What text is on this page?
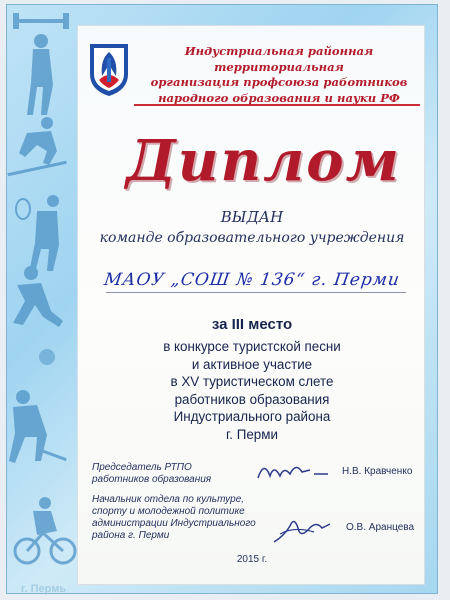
Индустриальная районная территориальная
организация профсоюза работников
народного образования и науки РФ
Диплом
ВЫДАН
команде образовательного учреждения
МАОУ „СОШ № 136“ г. Перми
за III место
в конкурсе туристской песни
и активное участие
в XV туристическом слете
работников образования
Индустриального района
г. Перми
Председатель РТПО
работников образования
Н.В. Кравченко
Начальник отдела по культуре,
спорту и молодежной политике
администрации Индустриального
района г. Перми
О.В. Аранцева
2015 г.
г. Пермь
